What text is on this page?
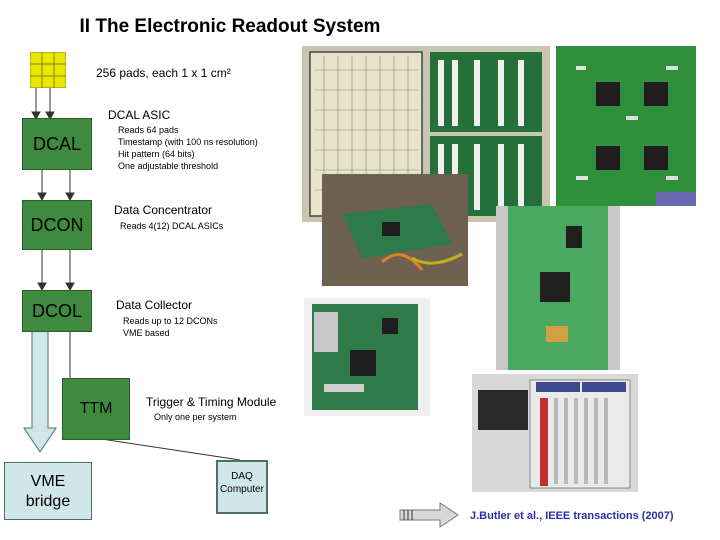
II The Electronic Readout System
256 pads, each 1 x 1 cm²
DCAL
DCAL ASIC
Reads 64 pads
Timestamp (with 100 ns resolution)
Hit pattern (64 bits)
One adjustable threshold
DCON
Data Concentrator
Reads 4(12) DCAL ASICs
DCOL	Data Collector
Reads up to 12 DCONs
VME based
TTM	Trigger & Timing Module
Only one per system
VME
bridge
DAQ
Computer
J.Butler et al., IEEE transactions (2007)
